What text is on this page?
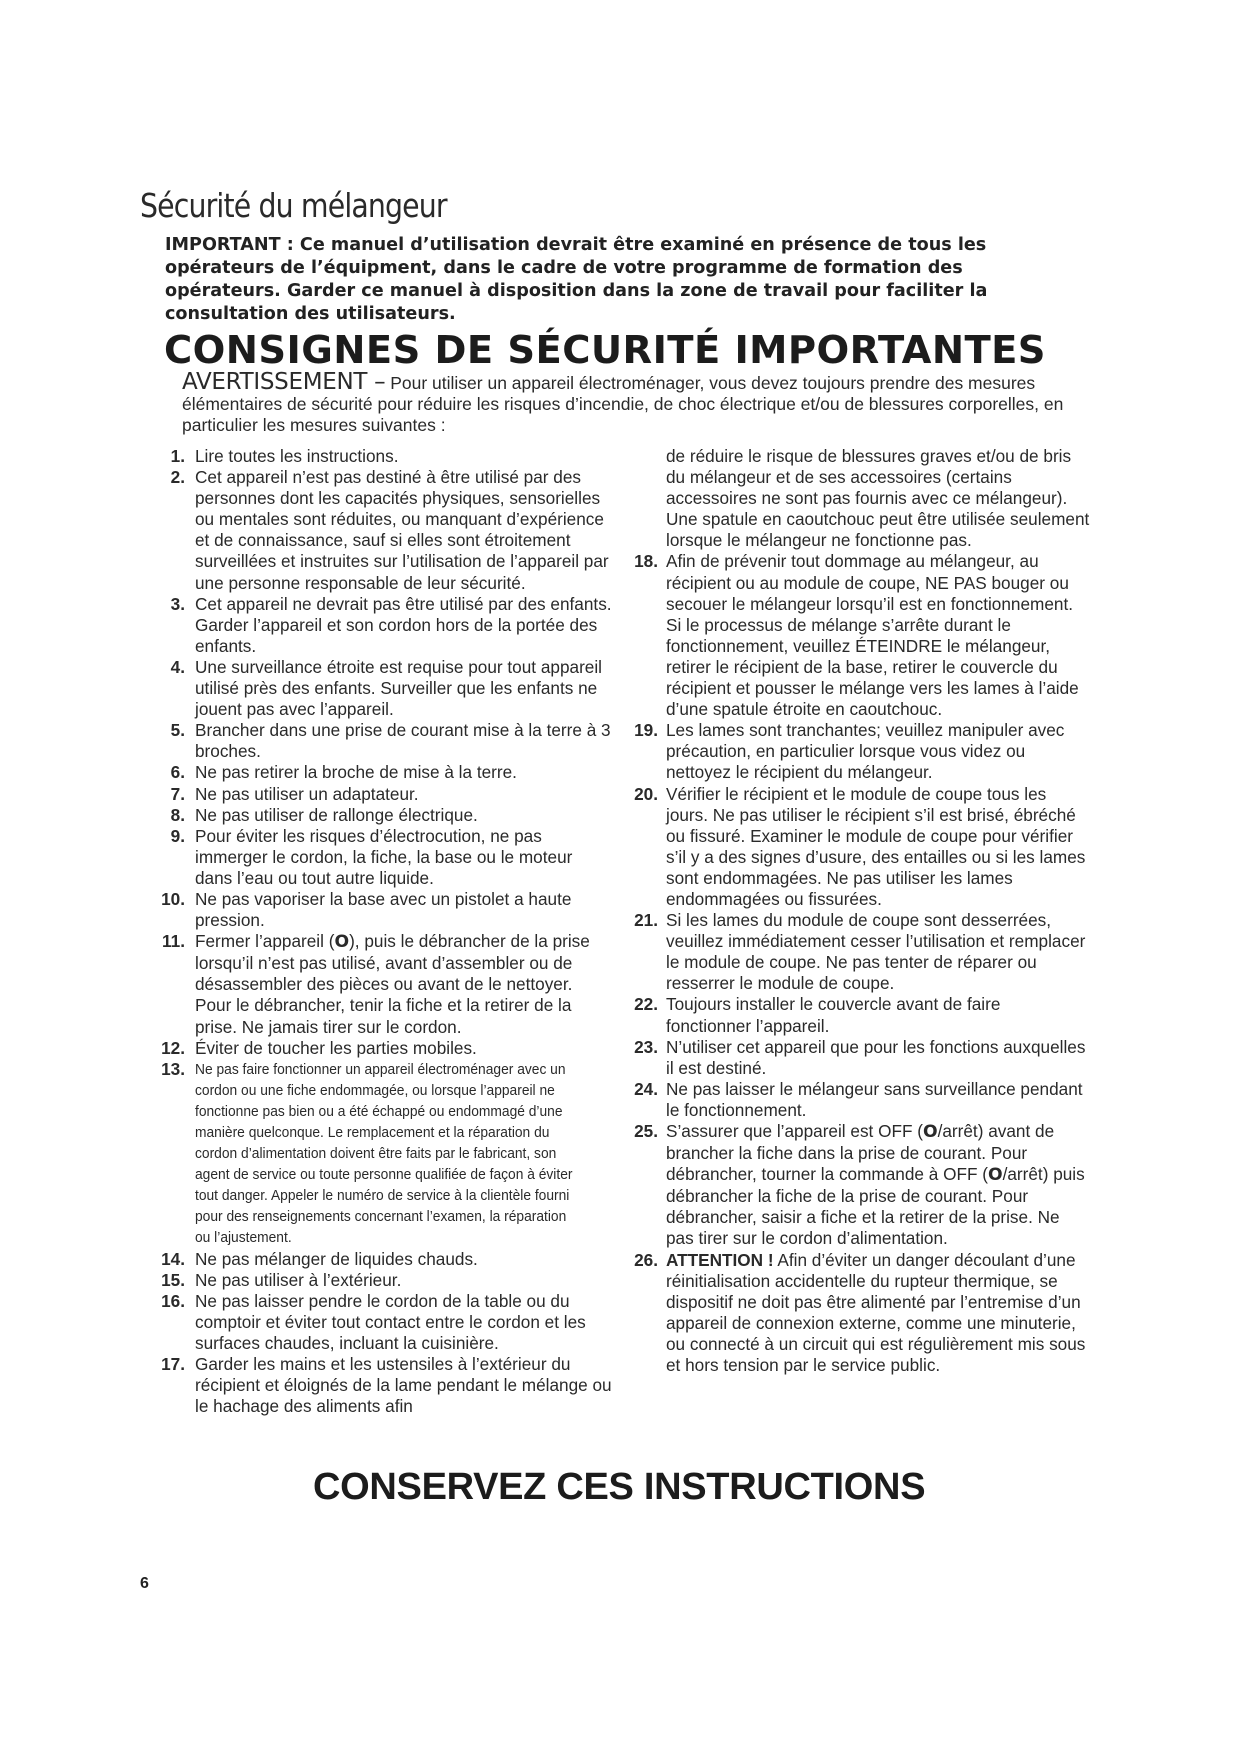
Sécurité du mélangeur
IMPORTANT : Ce manuel d’utilisation devrait être examiné en présence de tous les opérateurs de l’équipment, dans le cadre de votre programme de formation des opérateurs. Garder ce manuel à disposition dans la zone de travail pour faciliter la consultation des utilisateurs.
CONSIGNES DE SÉCURITÉ IMPORTANTES
AVERTISSEMENT – Pour utiliser un appareil électroménager, vous devez toujours prendre des mesures élémentaires de sécurité pour réduire les risques d’incendie, de choc électrique et/ou de blessures corporelles, en particulier les mesures suivantes :
1. Lire toutes les instructions.
2. Cet appareil n’est pas destiné à être utilisé par des personnes dont les capacités physiques, sensorielles ou mentales sont réduites, ou manquant d’expérience et de connaissance, sauf si elles sont étroitement surveillées et instruites sur l’utilisation de l’appareil par une personne responsable de leur sécurité.
3. Cet appareil ne devrait pas être utilisé par des enfants. Garder l’appareil et son cordon hors de la portée des enfants.
4. Une surveillance étroite est requise pour tout appareil utilisé près des enfants. Surveiller que les enfants ne jouent pas avec l’appareil.
5. Brancher dans une prise de courant mise à la terre à 3 broches.
6. Ne pas retirer la broche de mise à la terre.
7. Ne pas utiliser un adaptateur.
8. Ne pas utiliser de rallonge électrique.
9. Pour éviter les risques d’électrocution, ne pas immerger le cordon, la fiche, la base ou le moteur dans l’eau ou tout autre liquide.
10. Ne pas vaporiser la base avec un pistolet a haute pression.
11. Fermer l’appareil (O), puis le débrancher de la prise lorsqu’il n’est pas utilisé, avant d’assembler ou de désassembler des pièces ou avant de le nettoyer. Pour le débrancher, tenir la fiche et la retirer de la prise. Ne jamais tirer sur le cordon.
12. Éviter de toucher les parties mobiles.
13. Ne pas faire fonctionner un appareil électroménager avec un cordon ou une fiche endommagée, ou lorsque l’appareil ne fonctionne pas bien ou a été échappé ou endommagé d’une manière quelconque. Le remplacement et la réparation du cordon d’alimentation doivent être faits par le fabricant, son agent de service ou toute personne qualifiée de façon à éviter tout danger. Appeler le numéro de service à la clientèle fourni pour des renseignements concernant l’examen, la réparation ou l’ajustement.
14. Ne pas mélanger de liquides chauds.
15. Ne pas utiliser à l’extérieur.
16. Ne pas laisser pendre le cordon de la table ou du comptoir et éviter tout contact entre le cordon et les surfaces chaudes, incluant la cuisinière.
17. Garder les mains et les ustensiles à l’extérieur du récipient et éloignés de la lame pendant le mélange ou le hachage des aliments afin
de réduire le risque de blessures graves et/ou de bris du mélangeur et de ses accessoires (certains accessoires ne sont pas fournis avec ce mélangeur). Une spatule en caoutchouc peut être utilisée seulement lorsque le mélangeur ne fonctionne pas.
18. Afin de prévenir tout dommage au mélangeur, au récipient ou au module de coupe, NE PAS bouger ou secouer le mélangeur lorsqu’il est en fonctionnement. Si le processus de mélange s’arrête durant le fonctionnement, veuillez ÉTEINDRE le mélangeur, retirer le récipient de la base, retirer le couvercle du récipient et pousser le mélange vers les lames à l’aide d’une spatule étroite en caoutchouc.
19. Les lames sont tranchantes; veuillez manipuler avec précaution, en particulier lorsque vous videz ou nettoyez le récipient du mélangeur.
20. Vérifier le récipient et le module de coupe tous les jours. Ne pas utiliser le récipient s’il est brisé, ébréché ou fissuré. Examiner le module de coupe pour vérifier s’il y a des signes d’usure, des entailles ou si les lames sont endommagées. Ne pas utiliser les lames endommagées ou fissurées.
21. Si les lames du module de coupe sont desserrées, veuillez immédiatement cesser l’utilisation et remplacer le module de coupe. Ne pas tenter de réparer ou resserrer le module de coupe.
22. Toujours installer le couvercle avant de faire fonctionner l’appareil.
23. N’utiliser cet appareil que pour les fonctions auxquelles il est destiné.
24. Ne pas laisser le mélangeur sans surveillance pendant le fonctionnement.
25. S’assurer que l’appareil est OFF (O/arrêt) avant de brancher la fiche dans la prise de courant. Pour débrancher, tourner la commande à OFF (O/arrêt) puis débrancher la fiche de la prise de courant. Pour débrancher, saisir a fiche et la retirer de la prise. Ne pas tirer sur le cordon d’alimentation.
26. ATTENTION ! Afin d’éviter un danger découlant d’une réinitialisation accidentelle du rupteur thermique, se dispositif ne doit pas être alimenté par l’entremise d’un appareil de connexion externe, comme une minuterie, ou connecté à un circuit qui est régulièrement mis sous et hors tension par le service public.
CONSERVEZ CES INSTRUCTIONS
6
